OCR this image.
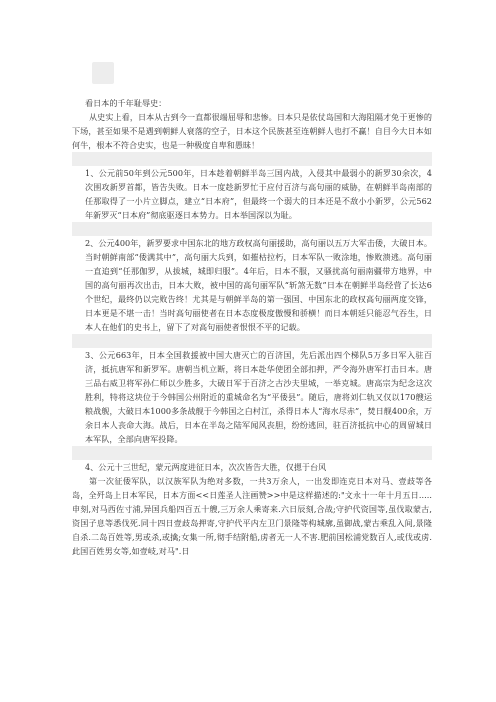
看日本的千年耻辱史：

从史实上看，日本从古到今一直都很端屈辱和悲惨。日本只是依仗岛国和大海阻隔才免于更惨的下场，甚至如果不是遇到朝鲜人衰落的空子，日本这个民族甚至连朝鲜人也打不赢！自目今大日本如何牛，根本不符合史实，也是一种极度自卑和愚昧！

1、公元前50年到公元500年，日本趁着朝鲜半岛三国内战，入侵其中最弱小的新罗30余次，4次围攻新罗首都，皆告失败。日本一度趁新罗忙于应付百济与高句丽的威胁，在朝鲜半岛南部的任那取得了一小片立脚点，建立“日本府”，但最终一个弱大的日本还是不敌小小新罗，公元562年新罗灭“日本府”彻底驱逐日本势力。日本举国深以为耻。

2、公元400年，新罗要求中国东北的地方政权高句丽援助，高句丽以五万大军击倭，大破日本。当时朝鲜南部“倭满其中”，高句丽大兵到，如摧枯拉朽，日本军队一败涂地，惨败溃逃。高句丽一直追到“任那伽罗，从拔城，城即归服”。4年后，日本不服，又骚扰高句丽南疆带方地界，中国的高句丽再次出击，日本大败，被中国的高句丽军队“斩煞无数”日本在朝鲜半岛经营了长达6个世纪，最终仍以完败告终！尤其是与朝鲜半岛的第一强国、中国东北的政权高句丽两度交锋，日本更是不堪一击！当时高句丽使者在日本态度极度傲慢和骄横！而日本朝廷只能忍气吞生，日本人在他们的史书上，留下了对高句丽使者恨恨不平的记载。

3、公元663年，日本全国救援被中国大唐灭亡的百济国，先后派出四个梯队5万多日军入驻百济，抵抗唐军和新罗军。唐朝当机立断，将日本赴华使团全部扣押，严令海外唐军打击日本。唐三品右威卫将军孙仁师以少胜多，大破日军于百济之古沙夫里城，一举克城。唐高宗为纪念这次胜利，特将这块位于今韩国公州附近的重城命名为“平倭县”。随后，唐将刘仁轨又仅以170艘运粮战舰，大破日本1000多条战舰于今韩国之白村江，杀得日本人“海水尽赤”，焚日舰400余，万余日本人丧命大海。战后，日本在半岛之陆军闻风丧胆，纷纷逃回，驻百济抵抗中心的周留城日本军队，全部向唐军投降。

4、公元十三世纪，蒙元两度进征日本，次次皆告大胜，仅摁于台风

第一次征倭军队，以汉族军队为绝对多数，一共3万余人，一出发即连克日本对马、壹歧等各岛，全歼岛上日本军民，日本方面<<日莲圣人注画赞>>中是这样描述的:"文永十一年十月五日.....申刻,对马西佐寸浦,异国兵船四百五十艘,三万余人乘寄来.六日辰刻,合战;守护代资国等,虽伐取蒙古,资国子息等悉伐死.同十四日壹歧岛押寄,守护代平内左卫门景隆等构城廓,虽御战,蒙古乘乱入间,景隆自杀.二岛百姓等,男或杀,或擒;女集一所,彻手结附船,虏者无一人不害.肥前国松浦党数百人,或伐或虏.此国百姓男女等,如壹岐,对马".日
